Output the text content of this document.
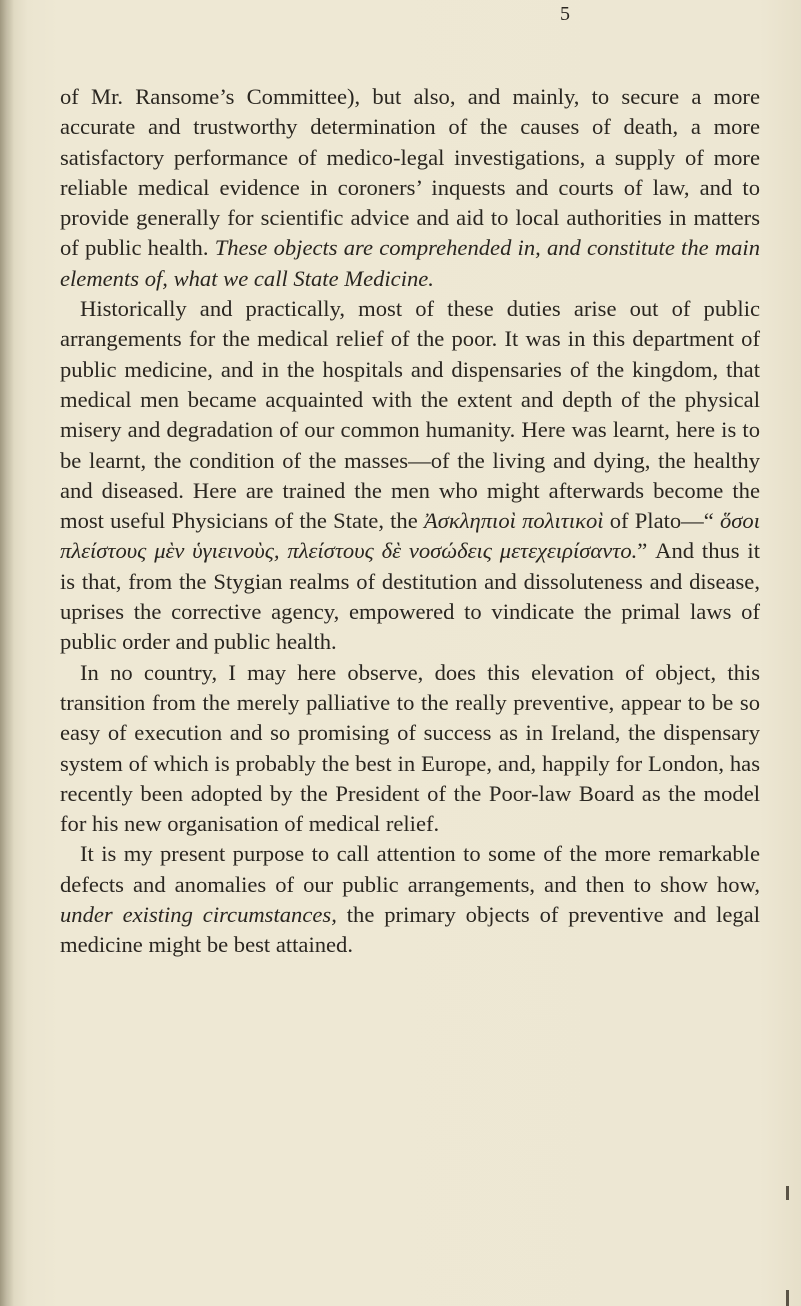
5

of Mr. Ransome’s Committee), but also, and mainly, to secure a more accurate and trustworthy determination of the causes of death, a more satisfactory performance of medico-legal investigations, a supply of more reliable medical evidence in coroners’ inquests and courts of law, and to provide generally for scientific advice and aid to local authorities in matters of public health. These objects are comprehended in, and constitute the main elements of, what we call State Medicine.

Historically and practically, most of these duties arise out of public arrangements for the medical relief of the poor. It was in this department of public medicine, and in the hospitals and dispensaries of the kingdom, that medical men became acquainted with the extent and depth of the physical misery and degradation of our common humanity. Here was learnt, here is to be learnt, the condition of the masses—of the living and dying, the healthy and diseased. Here are trained the men who might afterwards become the most useful Physicians of the State, the Ἀσκληπιοὶ πολιτικοὶ of Plato—“ ὅσοι πλείστους μὲν ὑγιεινοὺς, πλείστους δὲ νοσώδεις μετεχειρίσαντο.” And thus it is that, from the Stygian realms of destitution and dissoluteness and disease, uprises the corrective agency, empowered to vindicate the primal laws of public order and public health.

In no country, I may here observe, does this elevation of object, this transition from the merely palliative to the really preventive, appear to be so easy of execution and so promising of success as in Ireland, the dispensary system of which is probably the best in Europe, and, happily for London, has recently been adopted by the President of the Poor-law Board as the model for his new organisation of medical relief.

It is my present purpose to call attention to some of the more remarkable defects and anomalies of our public arrangements, and then to show how, under existing circumstances, the primary objects of preventive and legal medicine might be best attained.
